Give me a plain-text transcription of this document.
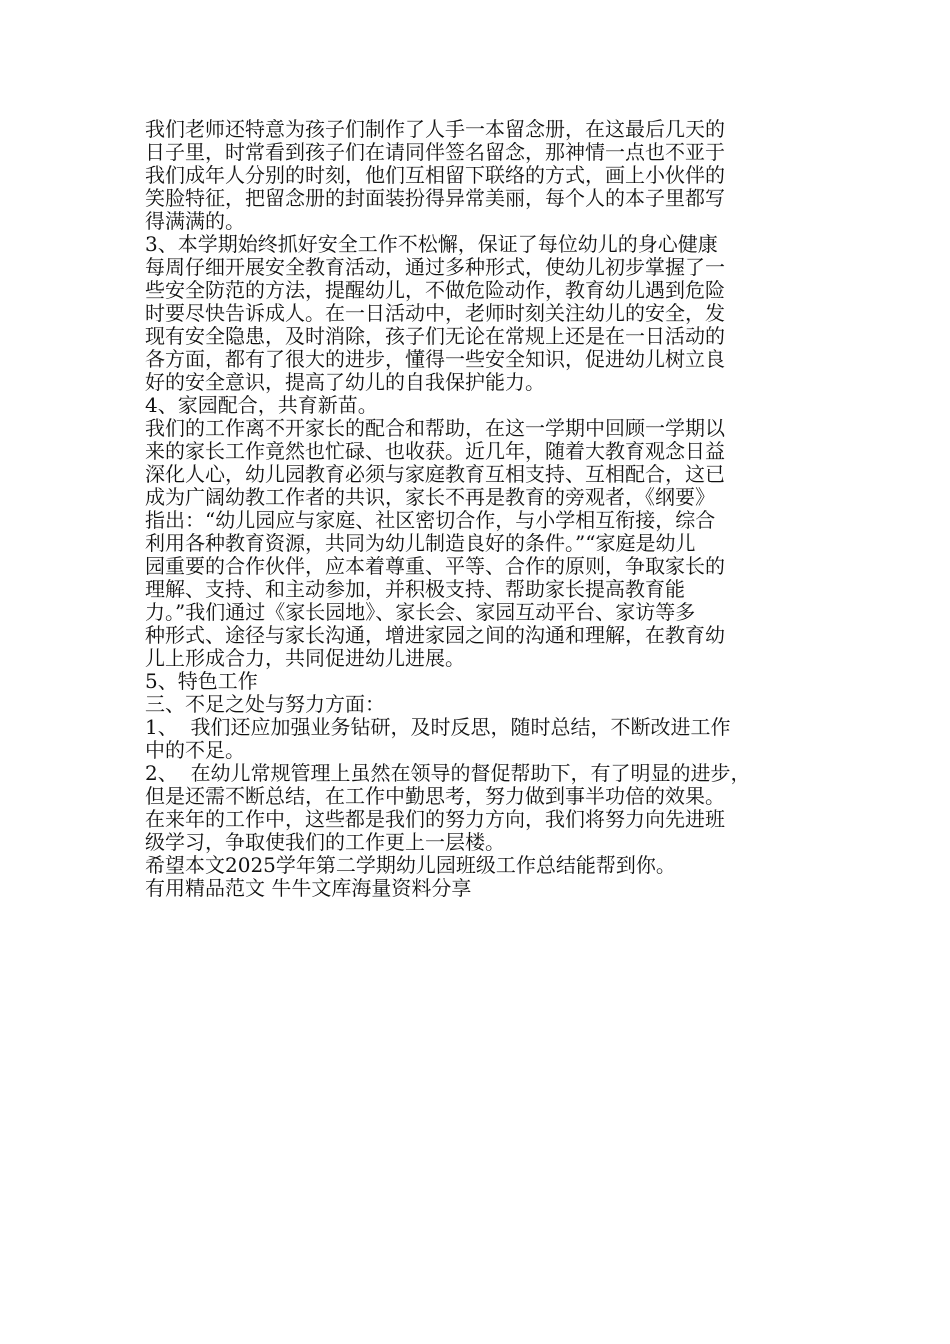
我们老师还特意为孩子们制作了人手一本留念册，在这最后几天的
日子里，时常看到孩子们在请同伴签名留念，那神情一点也不亚于
我们成年人分别的时刻，他们互相留下联络的方式，画上小伙伴的
笑脸特征，把留念册的封面装扮得异常美丽，每个人的本子里都写
得满满的。
3、本学期始终抓好安全工作不松懈，保证了每位幼儿的身心健康
每周仔细开展安全教育活动，通过多种形式，使幼儿初步掌握了一
些安全防范的方法，提醒幼儿，不做危险动作，教育幼儿遇到危险
时要尽快告诉成人。在一日活动中，老师时刻关注幼儿的安全，发
现有安全隐患，及时消除，孩子们无论在常规上还是在一日活动的
各方面，都有了很大的进步，懂得一些安全知识，促进幼儿树立良
好的安全意识，提高了幼儿的自我保护能力。
4、家园配合，共育新苗。
我们的工作离不开家长的配合和帮助，在这一学期中回顾一学期以
来的家长工作竟然也忙碌、也收获。近几年，随着大教育观念日益
深化人心，幼儿园教育必须与家庭教育互相支持、互相配合，这已
成为广阔幼教工作者的共识，家长不再是教育的旁观者，《纲要》
指出：“幼儿园应与家庭、社区密切合作，与小学相互衔接，综合
利用各种教育资源，共同为幼儿制造良好的条件。”“家庭是幼儿
园重要的合作伙伴，应本着尊重、平等、合作的原则，争取家长的
理解、支持、和主动参加，并积极支持、帮助家长提高教育能
力。”我们通过《家长园地》、家长会、家园互动平台、家访等多
种形式、途径与家长沟通，增进家园之间的沟通和理解，在教育幼
儿上形成合力，共同促进幼儿进展。
5、特色工作
三、不足之处与努力方面：
1、  我们还应加强业务钻研，及时反思，随时总结，不断改进工作
中的不足。
2、  在幼儿常规管理上虽然在领导的督促帮助下，有了明显的进步，
但是还需不断总结，在工作中勤思考，努力做到事半功倍的效果。
在来年的工作中，这些都是我们的努力方向，我们将努力向先进班
级学习，争取使我们的工作更上一层楼。
希望本文2025学年第二学期幼儿园班级工作总结能帮到你。
有用精品范文 牛牛文库海量资料分享
